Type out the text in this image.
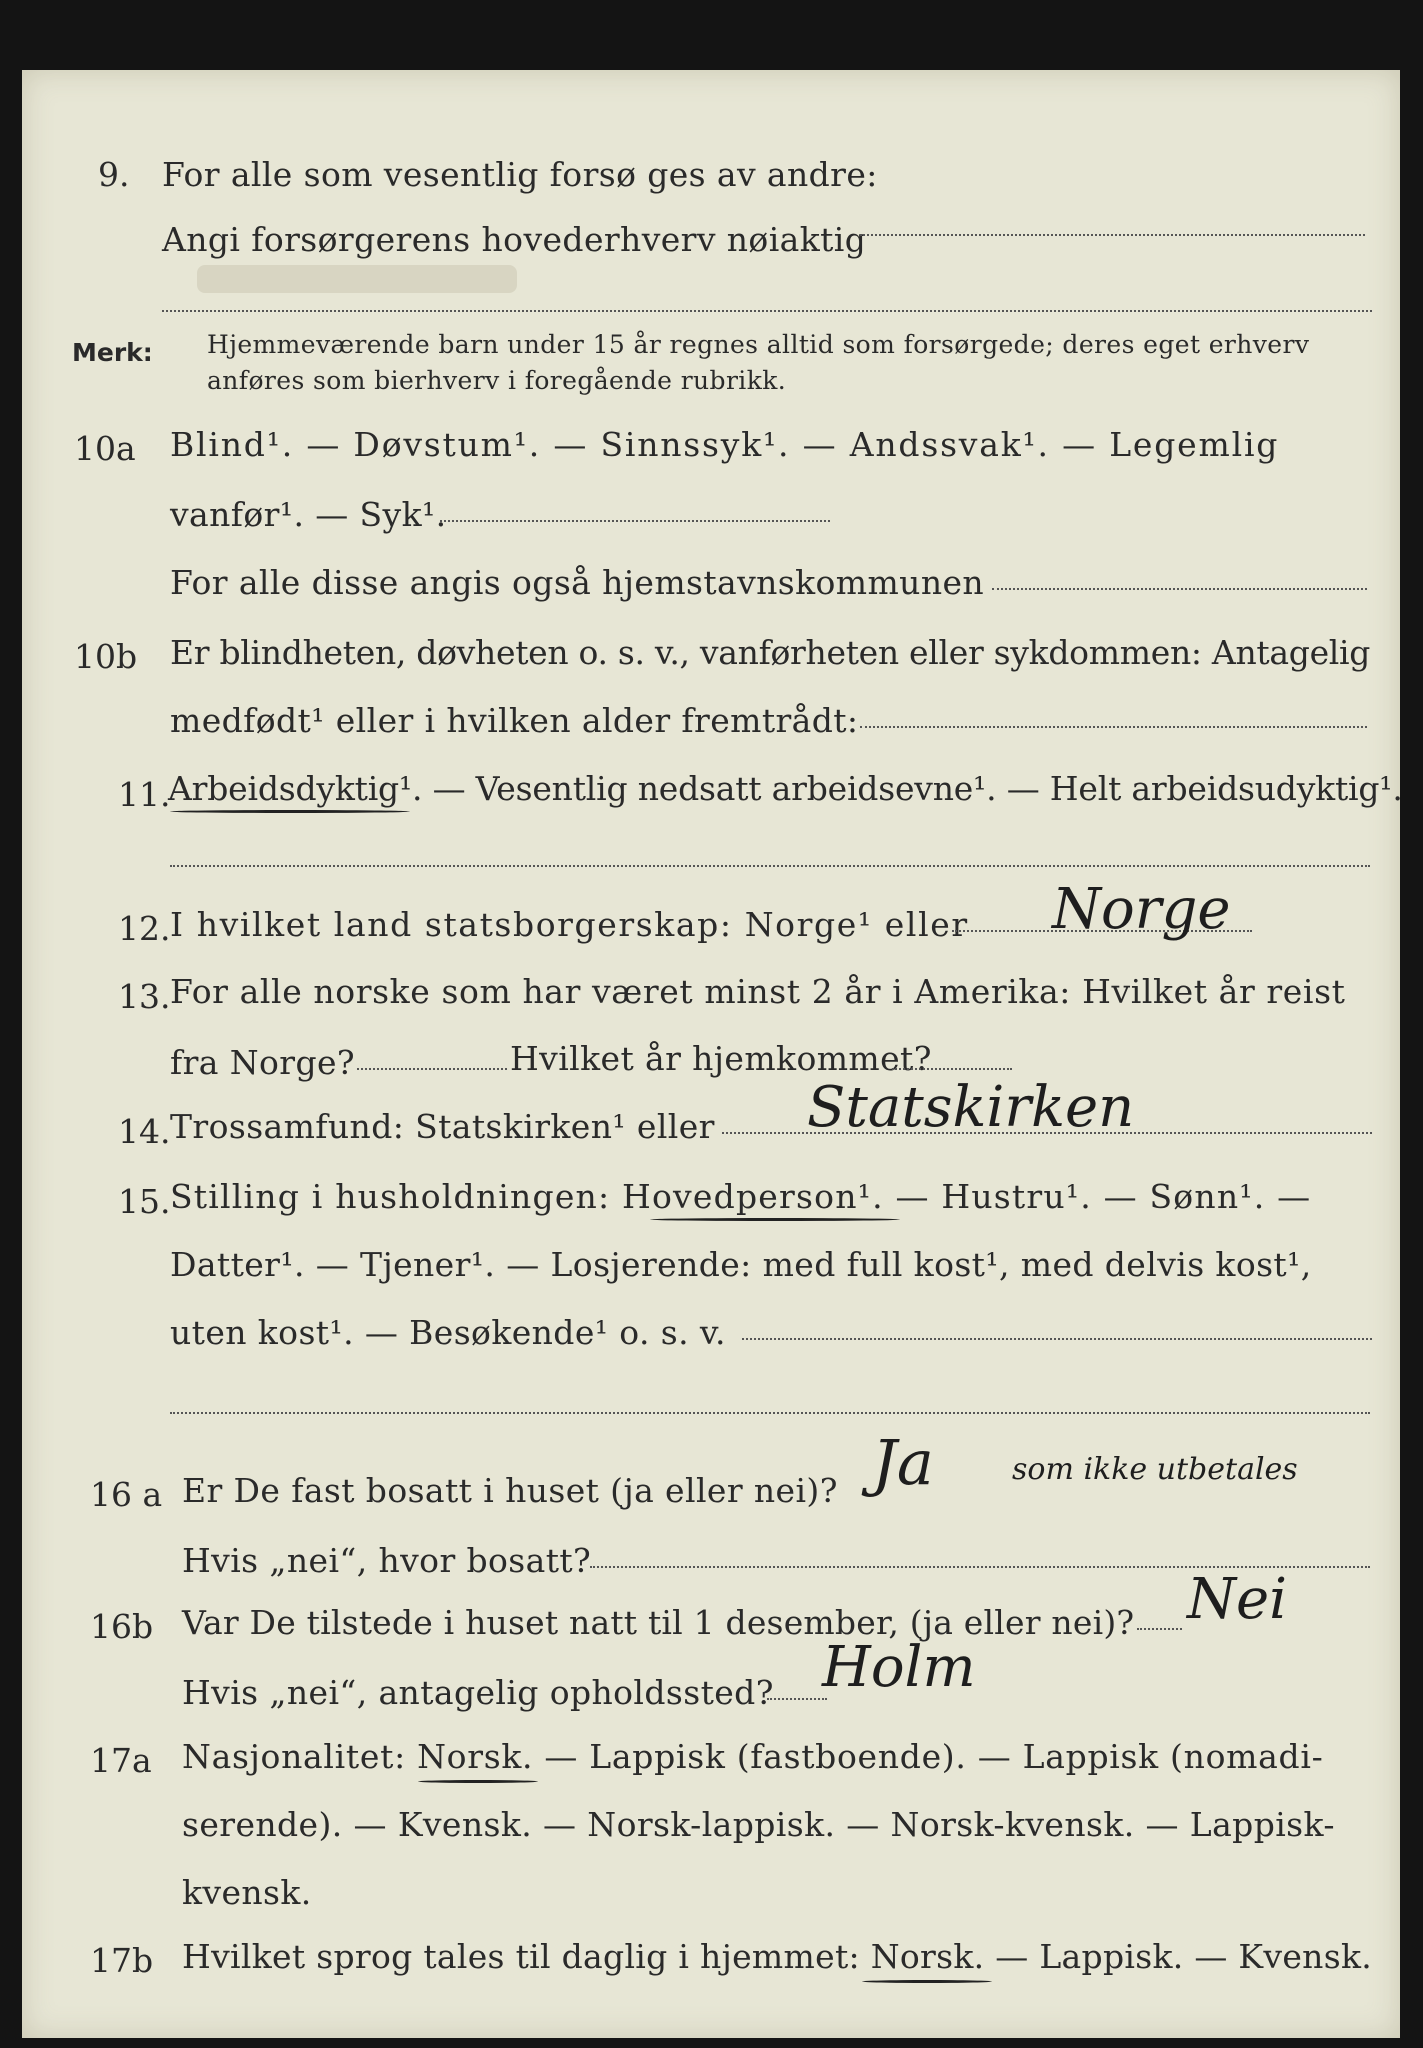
9. For alle som vesentlig forsø ges av andre:
Angi forsørgerens hovederhverv nøiaktig
Merk: Hjemmeværende barn under 15 år regnes alltid som forsørgede; deres eget erhverv
anføres som bierhverv i foregående rubrikk.
10a Blind¹. — Døvstum¹. — Sinnssyk¹. — Andssvak¹. — Legemlig
vanfør¹. — Syk¹.
For alle disse angis også hjemstavnskommunen
10b Er blindheten, døvheten o. s. v., vanførheten eller sykdommen: Antagelig
medfødt¹ eller i hvilken alder fremtrådt:
11.
Arbeidsdyktig¹. — Vesentlig nedsatt arbeidsevne¹. — Helt arbeidsudyktig¹.
12. I hvilket land statsborgerskap: Norge¹ eller Norge
13. For alle norske som har været minst 2 år i Amerika: Hvilket år reist
fra Norge?	Hvilket år hjemkommet?
14. Trossamfund: Statskirken¹ eller Statskirken
15. Stilling i husholdningen: Hovedperson¹. — Hustru¹. — Sønn¹. —
Datter¹. — Tjener¹. — Losjerende: med full kost¹, med delvis kost¹,
uten kost¹. — Besøkende¹ o. s. v.
16 a Er De fast bosatt i huset (ja eller nei)? Ja	som ikke utbetales
Hvis „nei“, hvor bosatt?
16b Var De tilstede i huset natt til 1 desember, (ja eller nei)? Nei
Hvis „nei“, antagelig opholdssted? Holm
17a Nasjonalitet: Norsk. — Lappisk (fastboende). — Lappisk (nomadi-
serende). — Kvensk. — Norsk-lappisk. — Norsk-kvensk. — Lappisk-
kvensk.
17b Hvilket sprog tales til daglig i hjemmet: Norsk. — Lappisk. — Kvensk.
